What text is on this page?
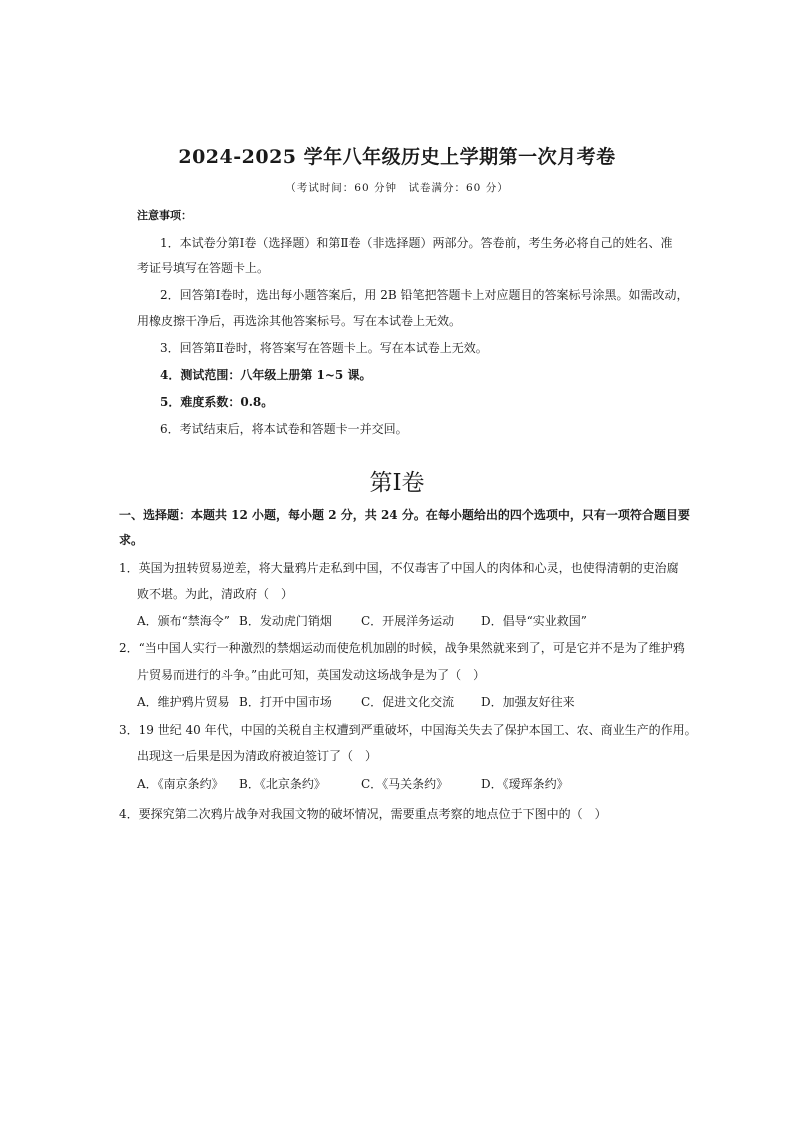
2024-2025 学年八年级历史上学期第一次月考卷
（考试时间：60 分钟　试卷满分：60 分）
注意事项：
1．本试卷分第Ⅰ卷（选择题）和第Ⅱ卷（非选择题）两部分。答卷前，考生务必将自己的姓名、准
考证号填写在答题卡上。
2．回答第Ⅰ卷时，选出每小题答案后，用 2B 铅笔把答题卡上对应题目的答案标号涂黑。如需改动，
用橡皮擦干净后，再选涂其他答案标号。写在本试卷上无效。
3．回答第Ⅱ卷时，将答案写在答题卡上。写在本试卷上无效。
4．测试范围：八年级上册第 1~5 课。
5．难度系数：0.8。
6．考试结束后，将本试卷和答题卡一并交回。
第Ⅰ卷
一、选择题：本题共 12 小题，每小题 2 分，共 24 分。在每小题给出的四个选项中，只有一项符合题目要
求。
1．英国为扭转贸易逆差，将大量鸦片走私到中国，不仅毒害了中国人的肉体和心灵，也使得清朝的吏治腐
败不堪。为此，清政府（　）
A．颁布“禁海令” B．发动虎门销烟	C．开展洋务运动	D．倡导“实业救国”
2．“当中国人实行一种激烈的禁烟运动而使危机加剧的时候，战争果然就来到了，可是它并不是为了维护鸦
片贸易而进行的斗争。”由此可知，英国发动这场战争是为了（　）
A．维护鸦片贸易 B．打开中国市场	C．促进文化交流	D．加强友好往来
3．19 世纪 40 年代，中国的关税自主权遭到严重破坏，中国海关失去了保护本国工、农、商业生产的作用。
出现这一后果是因为清政府被迫签订了（　）
A．《南京条约》	B．《北京条约》	C．《马关条约》	D．《瑷珲条约》
4．要探究第二次鸦片战争对我国文物的破坏情况，需要重点考察的地点位于下图中的（　）
